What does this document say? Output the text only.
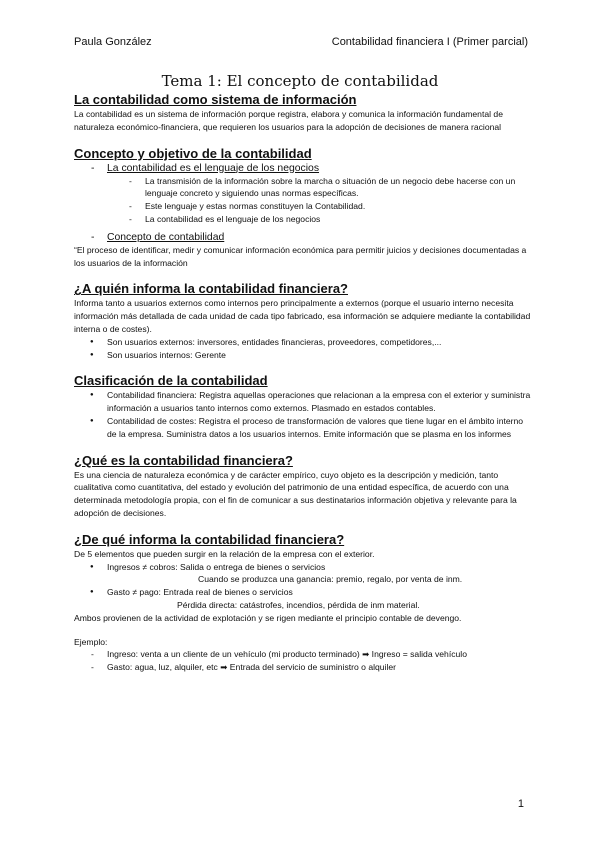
Paula González	Contabilidad financiera I (Primer parcial)
Tema 1: El concepto de contabilidad
La contabilidad como sistema de información

La contabilidad es un sistema de información porque registra, elabora y comunica la información fundamental de naturaleza económico-financiera, que requieren los usuarios para la adopción de decisiones de manera racional

Concepto y objetivo de la contabilidad
- La contabilidad es el lenguaje de los negocios
- La transmisión de la información sobre la marcha o situación de un negocio debe hacerse con un lenguaje concreto y siguiendo unas normas específicas.
- Este lenguaje y estas normas constituyen la Contabilidad.
- La contabilidad es el lenguaje de los negocios
- Concepto de contabilidad

“El proceso de identificar, medir y comunicar información económica para permitir juicios y decisiones documentadas a los usuarios de la información

¿A quién informa la contabilidad financiera?

Informa tanto a usuarios externos como internos pero principalmente a externos (porque el usuario interno necesita información más detallada de cada unidad de cada tipo fabricado, esa información se adquiere mediante la contabilidad interna o de costes).

● Son usuarios externos: inversores, entidades financieras, proveedores, competidores,...
● Son usuarios internos: Gerente
Clasificación de la contabilidad
● Contabilidad financiera: Registra aquellas operaciones que relacionan a la empresa con el exterior y suministra información a usuarios tanto internos como externos. Plasmado en estados contables.
● Contabilidad de costes: Registra el proceso de transformación de valores que tiene lugar en el ámbito interno de la empresa. Suministra datos a los usuarios internos. Emite información que se plasma en los informes
¿Qué es la contabilidad financiera?

Es una ciencia de naturaleza económica y de carácter empírico, cuyo objeto es la descripción y medición, tanto cualitativa como cuantitativa, del estado y evolución del patrimonio de una entidad específica, de acuerdo con una determinada metodología propia, con el fin de comunicar a sus destinatarios información objetiva y relevante para la adopción de decisiones.

¿De qué informa la contabilidad financiera?

De 5 elementos que pueden surgir en la relación de la empresa con el exterior.

● Ingresos ≠ cobros: Salida o entrega de bienes o servicios
Cuando se produzca una ganancia: premio, regalo, por venta de inm.
● Gasto ≠ pago: Entrada real de bienes o servicios
Pérdida directa: catástrofes, incendios, pérdida de inm material.

Ambos provienen de la actividad de explotación y se rigen mediante el principio contable de devengo.

Ejemplo:

- Ingreso: venta a un cliente de un vehículo (mi producto terminado) ➡ Ingreso = salida vehículo
- Gasto: agua, luz, alquiler, etc ➡ Entrada del servicio de suministro o alquiler
1
